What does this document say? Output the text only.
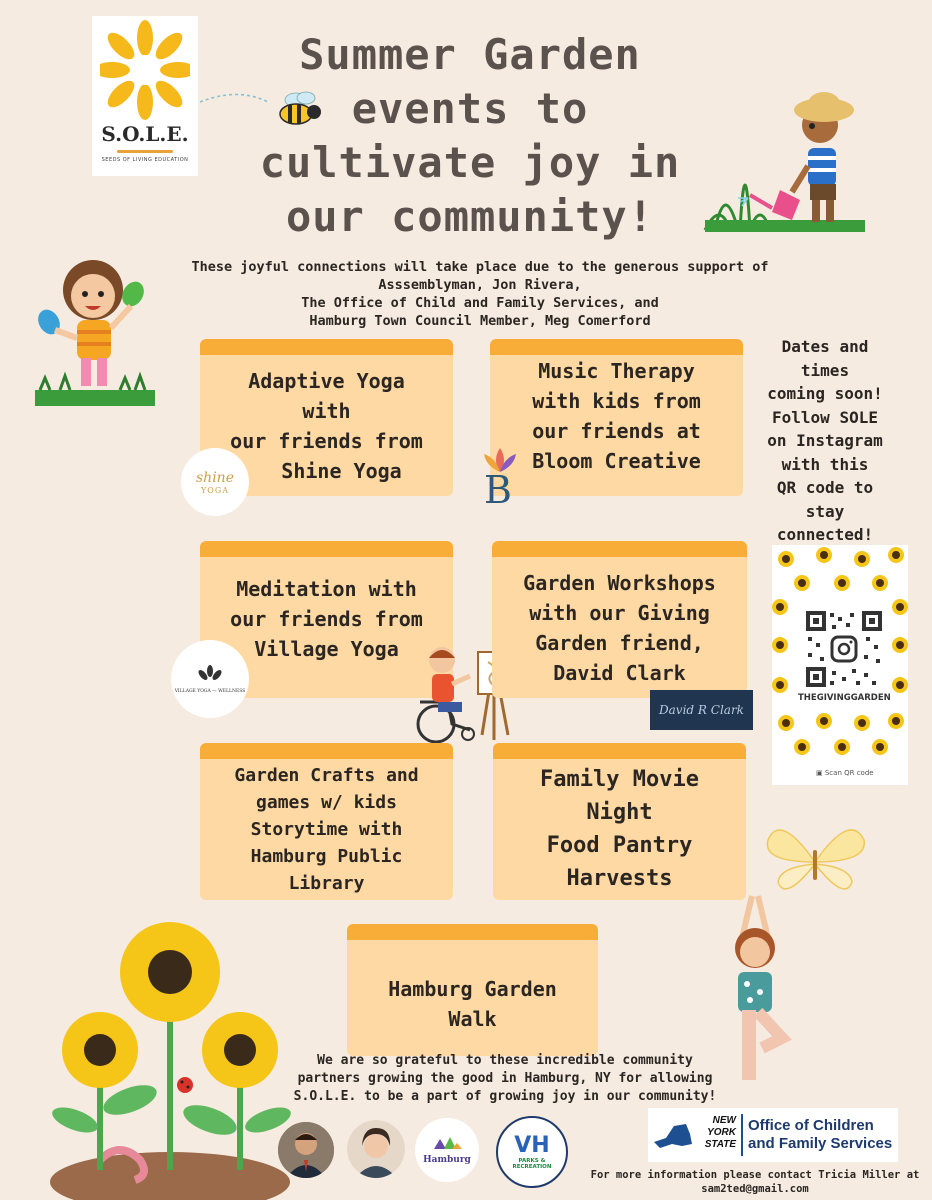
S.O.L.E.
SEEDS OF LIVING EDUCATION
Summer Garden
events to
cultivate joy in
our community!
These joyful connections will take place due to the generous support of
Asssemblyman, Jon Rivera,
The Office of Child and Family Services, and
Hamburg Town Council Member, Meg Comerford
Adaptive Yoga
with
our friends from
Shine Yoga
shine
YOGA
Music Therapy
with kids from
our friends at
Bloom Creative
B
Meditation with
our friends from
Village Yoga
VILLAGE YOGA — WELLNESS
Garden Workshops
with our Giving
Garden friend,
David Clark
David R Clark
Garden Crafts and
games w/ kids
Storytime with
Hamburg Public
Library
Family Movie
Night
Food Pantry
Harvests
Hamburg Garden
Walk
Dates and
times
coming soon!
Follow SOLE
on Instagram
with this
QR code to
stay
connected!
THEGIVINGGARDEN
▣ Scan QR code
We are so grateful to these incredible community
partners growing the good in Hamburg, NY for allowing
S.O.L.E. to be a part of growing joy in our community!
Hamburg
VH
PARKS & RECREATION
NEW
YORK
STATE
Office of Children
and Family Services
For more information please contact Tricia Miller at
sam2ted@gmail.com
